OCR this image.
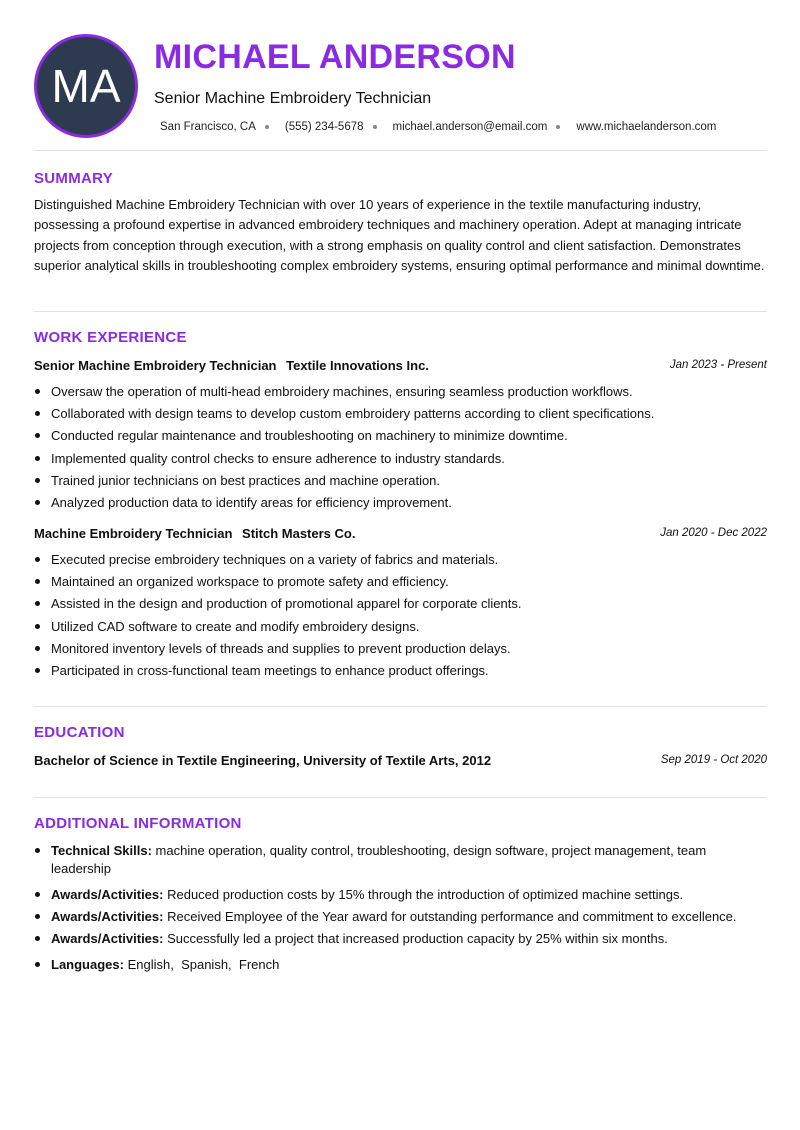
MA
MICHAEL ANDERSON
Senior Machine Embroidery Technician
San Francisco, CA	(555) 234-5678	michael.anderson@email.com	www.michaelanderson.com
SUMMARY

Distinguished Machine Embroidery Technician with over 10 years of experience in the textile manufacturing industry, possessing a profound expertise in advanced embroidery techniques and machinery operation. Adept at managing intricate projects from conception through execution, with a strong emphasis on quality control and client satisfaction. Demonstrates superior analytical skills in troubleshooting complex embroidery systems, ensuring optimal performance and minimal downtime.

WORK EXPERIENCE
Senior Machine Embroidery Technician Textile Innovations Inc.	Jan 2023 - Present
Oversaw the operation of multi-head embroidery machines, ensuring seamless production workflows.
Collaborated with design teams to develop custom embroidery patterns according to client specifications.
Conducted regular maintenance and troubleshooting on machinery to minimize downtime.
Implemented quality control checks to ensure adherence to industry standards.
Trained junior technicians on best practices and machine operation.
Analyzed production data to identify areas for efficiency improvement.
Machine Embroidery Technician Stitch Masters Co.	Jan 2020 - Dec 2022
Executed precise embroidery techniques on a variety of fabrics and materials.
Maintained an organized workspace to promote safety and efficiency.
Assisted in the design and production of promotional apparel for corporate clients.
Utilized CAD software to create and modify embroidery designs.
Monitored inventory levels of threads and supplies to prevent production delays.
Participated in cross-functional team meetings to enhance product offerings.
EDUCATION
Bachelor of Science in Textile Engineering, University of Textile Arts, 2012	Sep 2019 - Oct 2020
ADDITIONAL INFORMATION
Technical Skills: machine operation, quality control, troubleshooting, design software, project management, team leadership
Awards/Activities: Reduced production costs by 15% through the introduction of optimized machine settings.
Awards/Activities: Received Employee of the Year award for outstanding performance and commitment to excellence.
Awards/Activities: Successfully led a project that increased production capacity by 25% within six months.
Languages: English,  Spanish,  French
